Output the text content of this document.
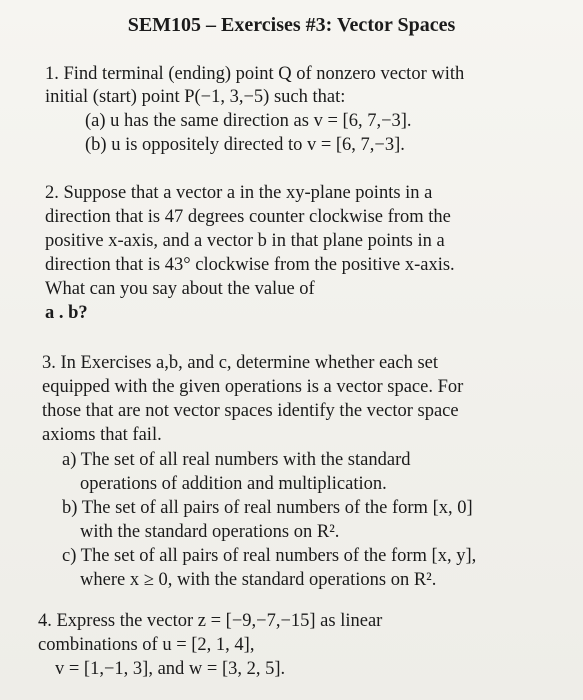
SEM105 – Exercises #3: Vector Spaces
1. Find terminal (ending) point Q of nonzero vector with
initial (start) point P(−1, 3,−5) such that:
(a) u has the same direction as v = [6, 7,−3].
(b) u is oppositely directed to v = [6, 7,−3].
2. Suppose that a vector a in the xy-plane points in a
direction that is 47 degrees counter clockwise from the
positive x-axis, and a vector b in that plane points in a
direction that is 43° clockwise from the positive x-axis.
What can you say about the value of
a . b?
3. In Exercises a,b, and c, determine whether each set
equipped with the given operations is a vector space. For
those that are not vector spaces identify the vector space
axioms that fail.
a) The set of all real numbers with the standard
operations of addition and multiplication.
b) The set of all pairs of real numbers of the form [x, 0]
with the standard operations on R².
c) The set of all pairs of real numbers of the form [x, y],
where x ≥ 0, with the standard operations on R².
4. Express the vector z = [−9,−7,−15] as linear
combinations of u = [2, 1, 4],
v = [1,−1, 3], and w = [3, 2, 5].
